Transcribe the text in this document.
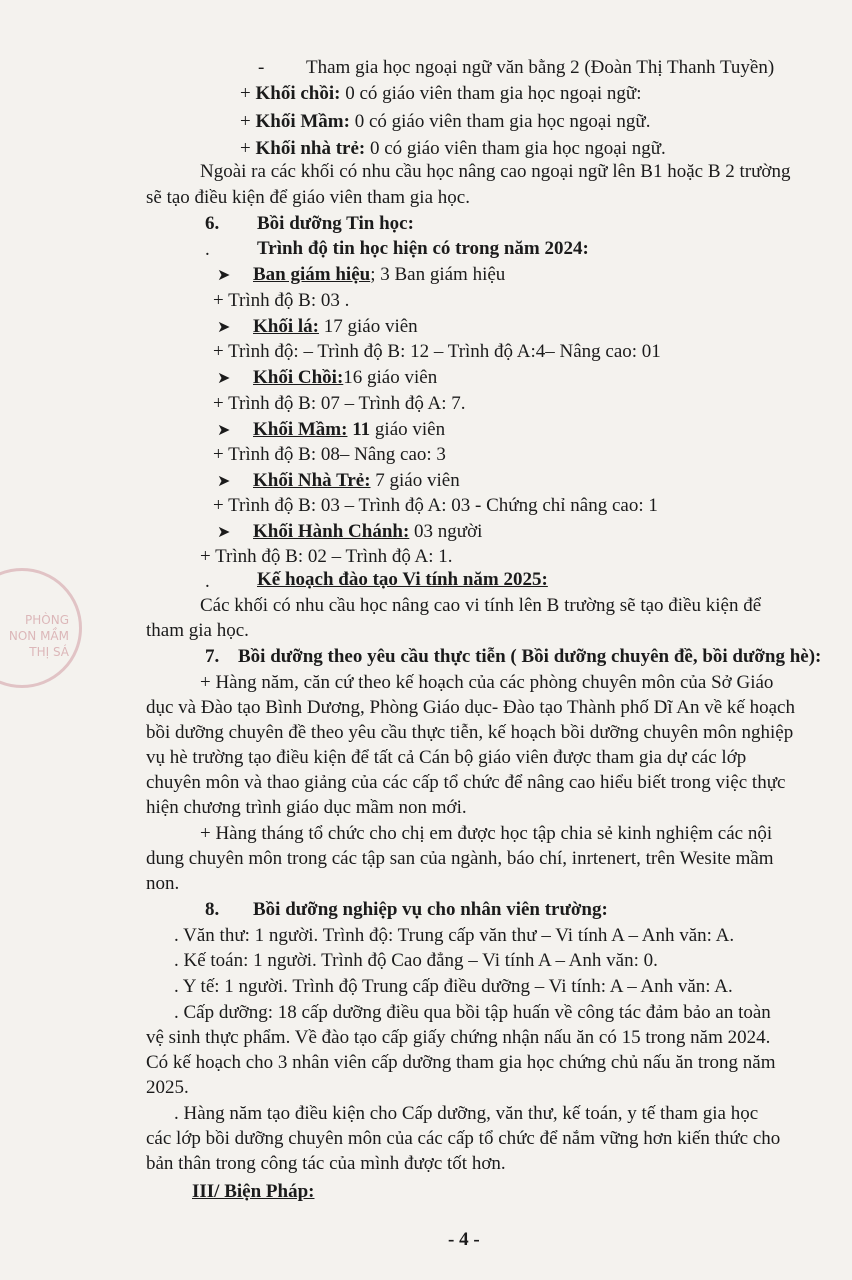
PHÒNG
NON MẦM
THỊ SÁ
- Tham gia học ngoại ngữ văn bằng 2 (Đoàn Thị Thanh Tuyền)
+ Khối chồi: 0 có giáo viên tham gia học ngoại ngữ:
+ Khối Mầm: 0 có giáo viên tham gia học ngoại ngữ.
+ Khối nhà trẻ: 0 có giáo viên tham gia học ngoại ngữ.
Ngoài ra các khối có nhu cầu học nâng cao ngoại ngữ lên B1 hoặc B 2 trường
sẽ tạo điều kiện để giáo viên tham gia học.
6. Bồi dưỡng Tin học:
. Trình độ tin học hiện có trong năm 2024:
➤ Ban giám hiệu; 3 Ban giám hiệu
+ Trình độ B: 03 .
➤ Khối lá: 17 giáo viên
+ Trình độ: – Trình độ B: 12 – Trình độ A:4– Nâng cao: 01
➤ Khối Chồi:16 giáo viên
+ Trình độ B: 07 – Trình độ A: 7.
➤ Khối Mầm: 11 giáo viên
+ Trình độ B: 08– Nâng cao: 3
➤ Khối Nhà Trẻ: 7 giáo viên
+ Trình độ B: 03 – Trình độ A: 03 - Chứng chỉ nâng cao: 1
➤ Khối Hành Chánh: 03 người
+ Trình độ B: 02 – Trình độ A: 1.
. Kế hoạch đào tạo Vi tính năm 2025:
Các khối có nhu cầu học nâng cao vi tính lên B trường sẽ tạo điều kiện để
tham gia học.
7. Bồi dưỡng theo yêu cầu thực tiễn ( Bồi dưỡng chuyên đề, bồi dưỡng hè):
+ Hàng năm, căn cứ theo kế hoạch của các phòng chuyên môn của Sở Giáo
dục và Đào tạo Bình Dương, Phòng Giáo dục- Đào tạo Thành phố Dĩ An về kế hoạch
bồi dưỡng chuyên đề theo yêu cầu thực tiễn, kế hoạch bồi dưỡng chuyên môn nghiệp
vụ hè trường tạo điều kiện để tất cả Cán bộ giáo viên được tham gia dự các lớp
chuyên môn và thao giảng của các cấp tổ chức để nâng cao hiểu biết trong việc thực
hiện chương trình giáo dục mầm non mới.
+ Hàng tháng tổ chức cho chị em được học tập chia sẻ kinh nghiệm các nội
dung chuyên môn trong các tập san của ngành, báo chí, inrtenert, trên Wesite mầm
non.
8. Bồi dưỡng nghiệp vụ cho nhân viên trường:
. Văn thư: 1 người. Trình độ: Trung cấp văn thư – Vi tính A – Anh văn: A.
. Kế toán: 1 người. Trình độ Cao đẳng – Vi tính A – Anh văn: 0.
. Y tế: 1 người. Trình độ Trung cấp điều dưỡng – Vi tính: A – Anh văn: A.
. Cấp dưỡng: 18 cấp dưỡng điều qua bồi tập huấn về công tác đảm bảo an toàn
vệ sinh thực phẩm. Về đào tạo cấp giấy chứng nhận nấu ăn có 15 trong năm 2024.
Có kế hoạch cho 3 nhân viên cấp dưỡng tham gia học chứng chủ nấu ăn trong năm
2025.
. Hàng năm tạo điều kiện cho Cấp dưỡng, văn thư, kế toán, y tế tham gia học
các lớp bồi dưỡng chuyên môn của các cấp tổ chức để nắm vững hơn kiến thức cho
bản thân trong công tác của mình được tốt hơn.
III/ Biện Pháp:
- 4 -
